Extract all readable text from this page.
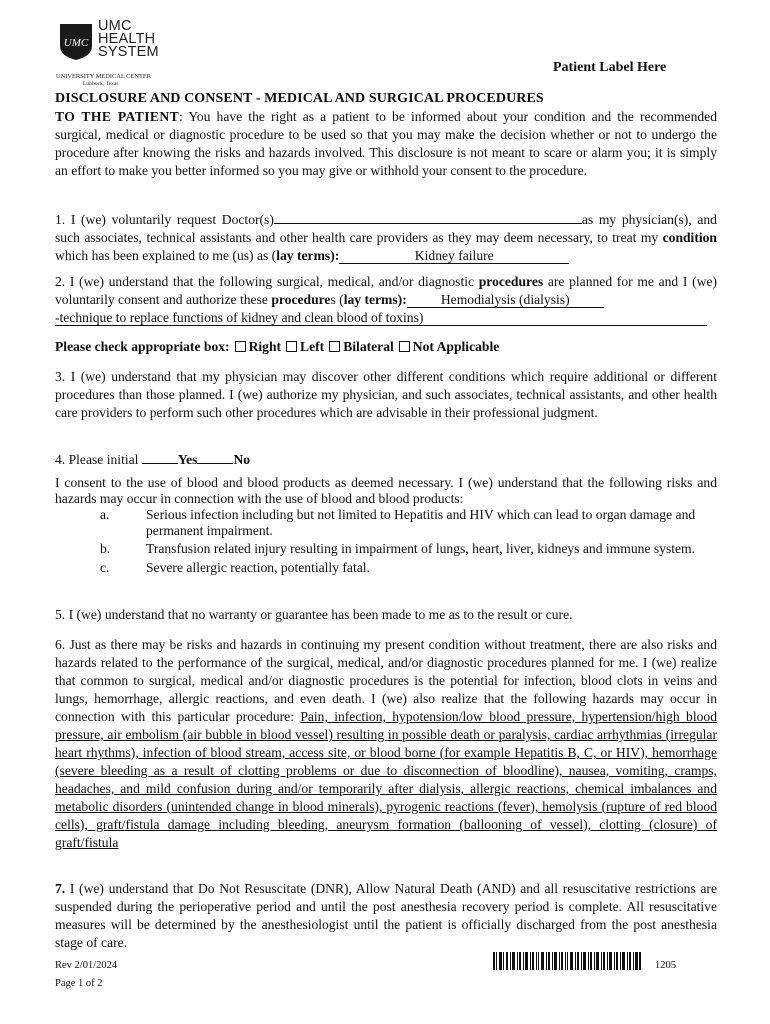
UMC
UMC
HEALTH
SYSTEM
UNIVERSITY MEDICAL CENTER
Lubbock, Texas
Patient Label Here
DISCLOSURE AND CONSENT - MEDICAL AND SURGICAL PROCEDURES
TO THE PATIENT: You have the right as a patient to be informed about your condition and the recommended surgical, medical or diagnostic procedure to be used so that you may make the decision whether or not to undergo the procedure after knowing the risks and hazards involved. This disclosure is not meant to scare or alarm you; it is simply an effort to make you better informed so you may give or withhold your consent to the procedure.
1. I (we) voluntarily request Doctor(s)	as my physician(s), and such associates, technical assistants and other health care providers as they may deem necessary, to treat my condition which has been explained to me (us) as (lay terms):	Kidney failure
2. I (we) understand that the following surgical, medical, and/or diagnostic procedures are planned for me and I (we) voluntarily consent and authorize these procedures (lay terms):	Hemodialysis (dialysis)
-technique to replace functions of kidney and clean blood of toxins)
Please check appropriate box: Right Left Bilateral Not Applicable
3. I (we) understand that my physician may discover other different conditions which require additional or different procedures than those planned. I (we) authorize my physician, and such associates, technical assistants, and other health care providers to perform such other procedures which are advisable in their professional judgment.
4. Please initial	Yes	No
I consent to the use of blood and blood products as deemed necessary. I (we) understand that the following risks and hazards may occur in connection with the use of blood and blood products:
a.	Serious infection including but not limited to Hepatitis and HIV which can lead to organ damage and permanent impairment.
b.	Transfusion related injury resulting in impairment of lungs, heart, liver, kidneys and immune system.
c.	Severe allergic reaction, potentially fatal.
5. I (we) understand that no warranty or guarantee has been made to me as to the result or cure.
6. Just as there may be risks and hazards in continuing my present condition without treatment, there are also risks and hazards related to the performance of the surgical, medical, and/or diagnostic procedures planned for me. I (we) realize that common to surgical, medical and/or diagnostic procedures is the potential for infection, blood clots in veins and lungs, hemorrhage, allergic reactions, and even death. I (we) also realize that the following hazards may occur in connection with this particular procedure: Pain, infection, hypotension/low blood pressure, hypertension/high blood pressure, air embolism (air bubble in blood vessel) resulting in possible death or paralysis, cardiac arrhythmias (irregular heart rhythms), infection of blood stream, access site, or blood borne (for example Hepatitis B, C, or HIV), hemorrhage (severe bleeding as a result of clotting problems or due to disconnection of bloodline), nausea, vomiting, cramps, headaches, and mild confusion during and/or temporarily after dialysis, allergic reactions, chemical imbalances and metabolic disorders (unintended change in blood minerals), pyrogenic reactions (fever), hemolysis (rupture of red blood cells), graft/fistula damage including bleeding, aneurysm formation (ballooning of vessel), clotting (closure) of graft/fistula
7. I (we) understand that Do Not Resuscitate (DNR), Allow Natural Death (AND) and all resuscitative restrictions are suspended during the perioperative period and until the post anesthesia recovery period is complete. All resuscitative measures will be determined by the anesthesiologist until the patient is officially discharged from the post anesthesia stage of care.
Rev 2/01/2024
Page 1 of 2
1205
